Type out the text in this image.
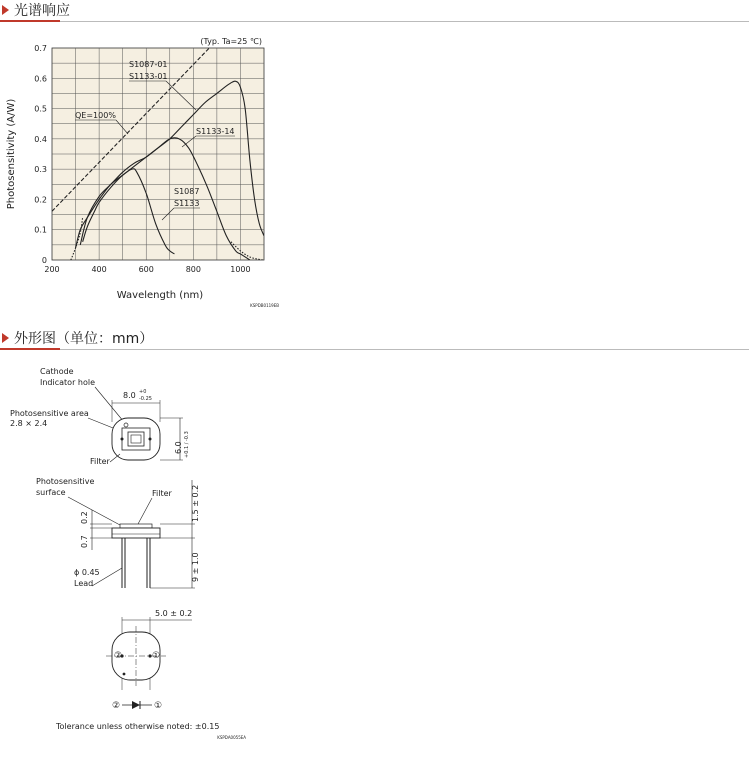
光谱响应
200	400	600	800	1000
0
0.1
0.2
0.3
0.4
0.5
0.6
0.7
Wavelength (nm)
Photosensitivity (A/W)
(Typ. Ta=25 ℃)
KSPDB0119EB
S1087-01
S1133-01
QE=100%
S1133-14
S1087
S1133
外形图（单位：mm）
Cathode
Indicator hole
Photosensitive area
2.8 × 2.4
8.0 +0
-0.25
Filter
6.0 +0.1 / -0.3
Photosensitive
surface	Filter
0.2
0.7
1.5 ± 0.2
9 ± 1.0
ϕ 0.45
Lead
5.0 ± 0.2
②	①
②	①
Tolerance unless otherwise noted: ±0.15
KSPDA0055EA
